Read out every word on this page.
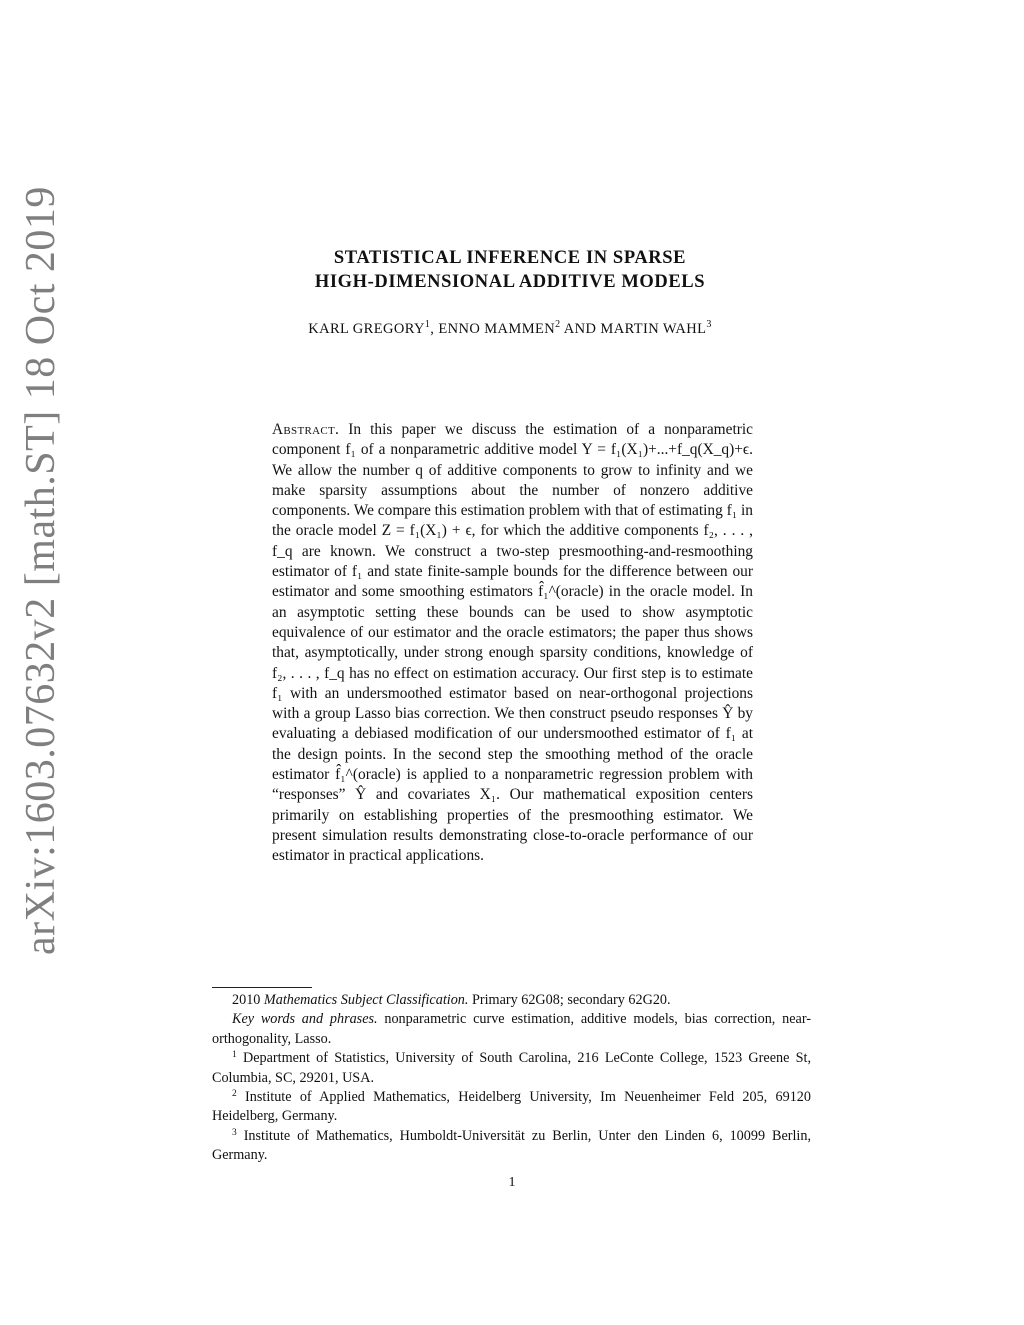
arXiv:1603.07632v2 [math.ST] 18 Oct 2019	STATISTICAL INFERENCE IN SPARSE
HIGH-DIMENSIONAL ADDITIVE MODELS
KARL GREGORY$^1$, ENNO MAMMEN$^2$ AND MARTIN WAHL$^3$
Abstract. In this paper we discuss the estimation of a nonparametric component f₁ of a nonparametric additive model Y = f₁(X₁)+...+f_q(X_q)+ϵ. We allow the number q of additive components to grow to infinity and we make sparsity assumptions about the number of nonzero additive components. We compare this estimation problem with that of estimating f₁ in the oracle model Z = f₁(X₁) + ϵ, for which the additive components f₂, . . . , f_q are known. We construct a two-step presmoothing-and-resmoothing estimator of f₁ and state finite-sample bounds for the difference between our estimator and some smoothing estimators f̂₁^(oracle) in the oracle model. In an asymptotic setting these bounds can be used to show asymptotic equivalence of our estimator and the oracle estimators; the paper thus shows that, asymptotically, under strong enough sparsity conditions, knowledge of f₂, . . . , f_q has no effect on estimation accuracy. Our first step is to estimate f₁ with an undersmoothed estimator based on near-orthogonal projections with a group Lasso bias correction. We then construct pseudo responses Ŷ by evaluating a debiased modification of our undersmoothed estimator of f₁ at the design points. In the second step the smoothing method of the oracle estimator f̂₁^(oracle) is applied to a nonparametric regression problem with “responses” Ŷ and covariates X₁. Our mathematical exposition centers primarily on establishing properties of the presmoothing estimator. We present simulation results demonstrating close-to-oracle performance of our estimator in practical applications.

2010 Mathematics Subject Classification. Primary 62G08; secondary 62G20.

Key words and phrases. nonparametric curve estimation, additive models, bias correction, near-orthogonality, Lasso.

$^1$ Department of Statistics, University of South Carolina, 216 LeConte College, 1523 Greene St, Columbia, SC, 29201, USA.

$^2$ Institute of Applied Mathematics, Heidelberg University, Im Neuenheimer Feld 205, 69120 Heidelberg, Germany.

$^3$ Institute of Mathematics, Humboldt-Universität zu Berlin, Unter den Linden 6, 10099 Berlin, Germany.

1
